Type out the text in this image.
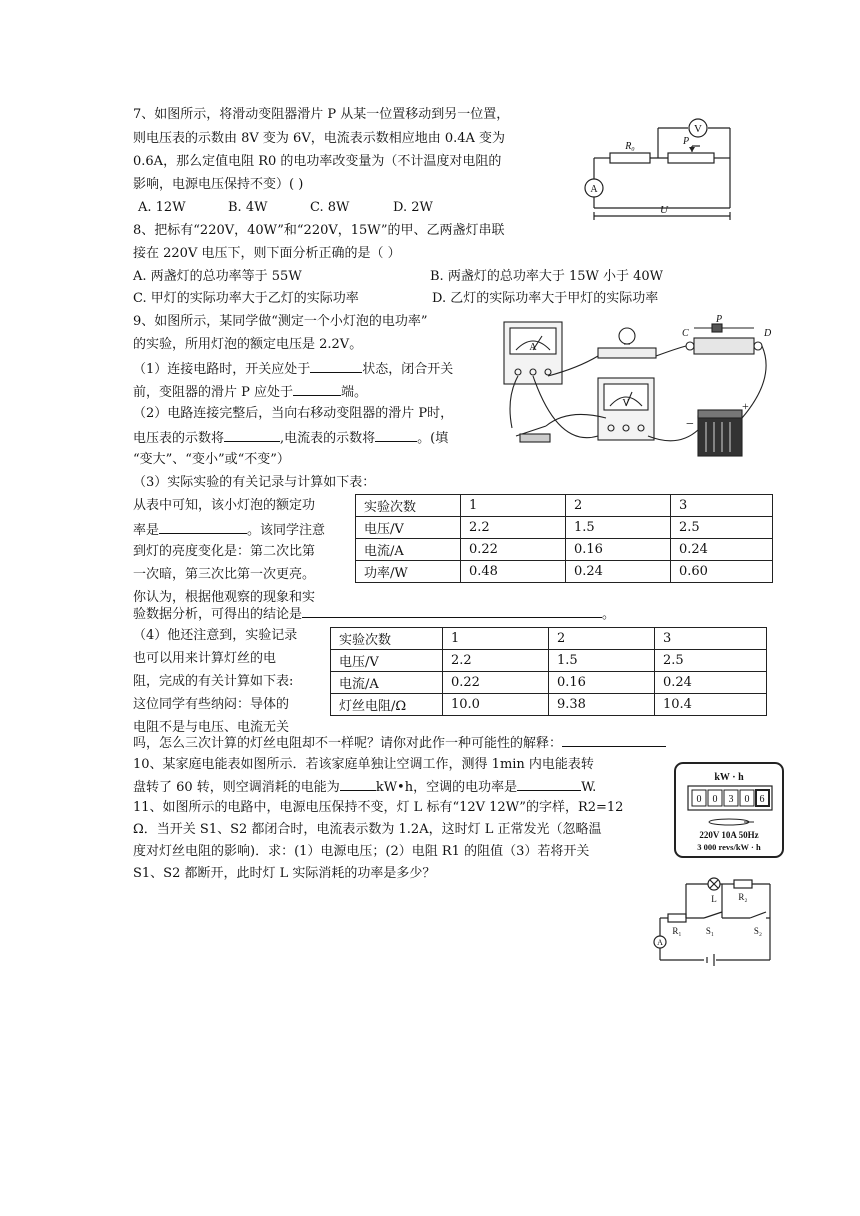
7、如图所示，将滑动变阻器滑片 P 从某一位置移动到另一位置，
则电压表的示数由 8V 变为 6V，电流表示数相应地由 0.4A 变为
0.6A，那么定值电阻 R0 的电功率改变量为（不计温度对电阻的
影响，电源电压保持不变）( )
A. 12W	B. 4W	C. 8W	D. 2W
V
A
R₀	P
U
8、把标有“220V，40W”和“220V，15W”的甲、乙两盏灯串联
接在 220V 电压下，则下面分析正确的是（ ）
A. 两盏灯的总功率等于 55W	B. 两盏灯的总功率大于 15W 小于 40W
C. 甲灯的实际功率大于乙灯的实际功率	D. 乙灯的实际功率大于甲灯的实际功率
9、如图所示，某同学做“测定一个小灯泡的电功率”
的实验，所用灯泡的额定电压是 2.2V。
（1）连接电路时，开关应处于	状态，闭合开关
前，变阻器的滑片 P 应处于	端。
（2）电路连接完整后，当向右移动变阻器的滑片 P时，
电压表的示数将	,电流表的示数将	。(填
“变大”、“变小”或“不变”）
（3）实际实验的有关记录与计算如下表：
从表中可知，该小灯泡的额定功
率是	。该同学注意
到灯的亮度变化是：第二次比第
一次暗，第三次比第一次更亮。
你认为，根据他观察的现象和实
验数据分析，可得出的结论是	。
实验次数	1	2	3
电压/V	2.2	1.5	2.5
电流/A	0.22	0.16	0.24
功率/W	0.48	0.24	0.60
（4）他还注意到，实验记录
也可以用来计算灯丝的电
阻，完成的有关计算如下表:
这位同学有些纳闷：导体的
电阻不是与电压、电流无关
吗，怎么三次计算的灯丝电阻却不一样呢？请你对此作一种可能性的解释：
实验次数	1	2	3
电压/V	2.2	1.5	2.5
电流/A	0.22	0.16	0.24
灯丝电阻/Ω	10.0	9.38	10.4
A
V
P
C	D
−
+
10、某家庭电能表如图所示．若该家庭单独让空调工作，测得 1min 内电能表转
盘转了 60 转，则空调消耗的电能为	kW•h，空调的电功率是	W.
kW · h
0 0 3 0 6
220V 10A 50Hz
3 000 revs/kW · h
11、如图所示的电路中，电源电压保持不变，灯 L 标有“12V 12W”的字样，R2=12
Ω．当开关 S1、S2 都闭合时，电流表示数为 1.2A，这时灯 L 正常发光（忽略温
度对灯丝电阻的影响)．求：(1）电源电压；(2）电阻 R1 的阻值（3）若将开关
S1、S2 都断开，此时灯 L 实际消耗的功率是多少？
L R₂
R₁	S₁	S₂
A
